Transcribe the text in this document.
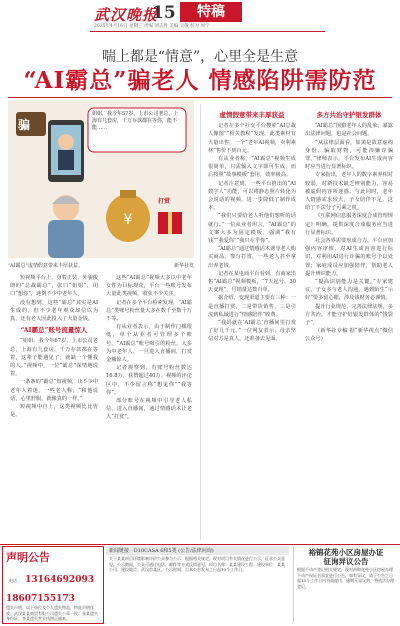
武汉晚报
15	特稿
2025年4月16日 星期三 责编 刘志胜 美编 吴敬 校对 周宁
喘上都是“情意”，心里全是生意
“AI霸总”骗老人 情感陷阱需防范
¥
骗
姐姐，我今年57岁，上市公司老总，上海有几套房，千万存款都在等你，能不能……
打赏
“AI霸总”虚情假意带来丰厚获益。	新华社发

短视频平台上，身着正装、外貌俊朗的“总裁霸总”，张口“姐姐”，闭口“想你”，迷倒不少中老年人。

没有想到，这些“霸总”其实是AI生成的，但不少老年观众却信以为真，还有老人因此投入了大量金钱。

“AI霸总”账号流量惊人

“姐姐，我今年67岁，上市公司老总，上海有几套房，千万存款都在等着，这辈子能遇见了，就缺一个懂我的人。”视频中，一位“霸总”深情地说着。

一条条的“霸总”短视频，让不少中老年人着迷。一些老人称，“和他说话，心里舒服，就像真的一样。”

短视频中自上，这类视频比比皆是。

这些“AI霸总”视频大多以中老年女性为目标观众，平台一些账号发布大量此类视频，收获不少关注。

记者在多个平台检索发现，“AI霸总”类账号粉丝量大多在数千至数十万不等。

有从业者表示，由于制作门槛很低，单个从业者可管理多个账号。“AI霸总”账号吸引的粉丝，大多为中老年人，一旦进入直播间，打赏金额惊人。

记者观察到，有账号粉丝数达16.8万，获赞超过40万。视频的评论区中，不少留言称“想见你”“我等你”。

部分账号在视频中引导老人私信、进入直播间，通过情感话术让老人“打赏”。

虚情假意带来丰厚获益

记者在多个社交平台搜索“AI总裁人像图”“相关教程”发现，此类素材有大量出售，一个“老年AI视频，卖利素材”售价不到百元。

有从业者称，“AI霸总”视频生成很简单，只需输入文字即可生成，而后按照“故事模板”套用，效率极高。

记者注意到，一些平台推出的“AI数字人”功能，可以将静态照片转化为会说话的视频，进一步降低了制作成本。

“我们只要给老人听他们想听的话就行。”一位从业者坦言，“AI霸总”的文案大多为固定模板，强调“我有钱”“我爱你”“我只在乎你”。

“AI霸总”通过情感话术诱导老人购买商品、参与打赏，一些老人甚至拿出养老钱。

记者在某电商平台看到，有商家出售“AI霸总”视频模板，“7天起号，30天变现”，月销量达数百单。

据介绍，变现渠道主要有三种：一是直播打赏，二是带货销售，三是引流到私域进行“情感陪伴”收费。

“我妈就在‘AI霸总’直播间里打赏了好几千元。”一位网友表示，母亲坚信对方是真人，还准备去见面。

多方共治守护银发群体

“AI霸总”围猎老年人的乱象，暴露出法律问题，也是社会问题。

“从法律层面看，如果是故意虚构身份、骗取财物，可能涉嫌诈骗罪。”律师表示，平台发布AI生成内容时应当进行显著标识。

专家指出，老年人的数字素养相对较弱，对新技术缺乏辨别能力，容易被虚假内容所迷惑。与此同时，老年人情感需求较大，子女陪伴不足，这给了不法分子可乘之机。

《互联网信息服务深度合成管理规定》明确，提供深度合成服务应当进行显著标识。

社会各界需要形成合力。平台应加强内容审核，对AI生成内容进行标识，对利用AI进行诈骗的账号予以处置；家庭成员应加强陪伴，帮助老人提升辨识能力。

“提高识别能力是关键。”专家建议，子女多与老人沟通，遇到陌生“示好”要多留心眼，涉及钱财务必谨慎。

提升行业规范、完善法律法规，多方共治，才能守护好银发群体的“钱袋子”。

（新华社专稿 据“新华视点”微信公众号）

声明公告
电话 13164692093
18607155173
遗失声明：以下单位及个人遗失物品，特此声明作废。武汉某某商贸有限公司遗失公章一枚；张某遗失身份证；李某遗失营业执照正副本。
新闻链接 · D10CASA 6和5类 (公告/法律问询)
关于某某项目环境影响评价公众参与公示：根据相关规定，现对项目有关情况进行公示，征求公众意见。公示期间，公众可通过电话、邮件等方式反馈意见。项目名称：某某建设工程；建设单位：某某公司；建设地点：武汉市某区。公示时间：自本公告发布之日起10个工作日。
裕锦花苑小区房屋办证
征询异议公告
根据不动产登记相关规定，现对裕锦花苑小区房屋办理不动产权证书事宜进行公告，如有异议，请于公告之日起15个工作日内书面提出，逾期无异议的，将依法办理登记。
